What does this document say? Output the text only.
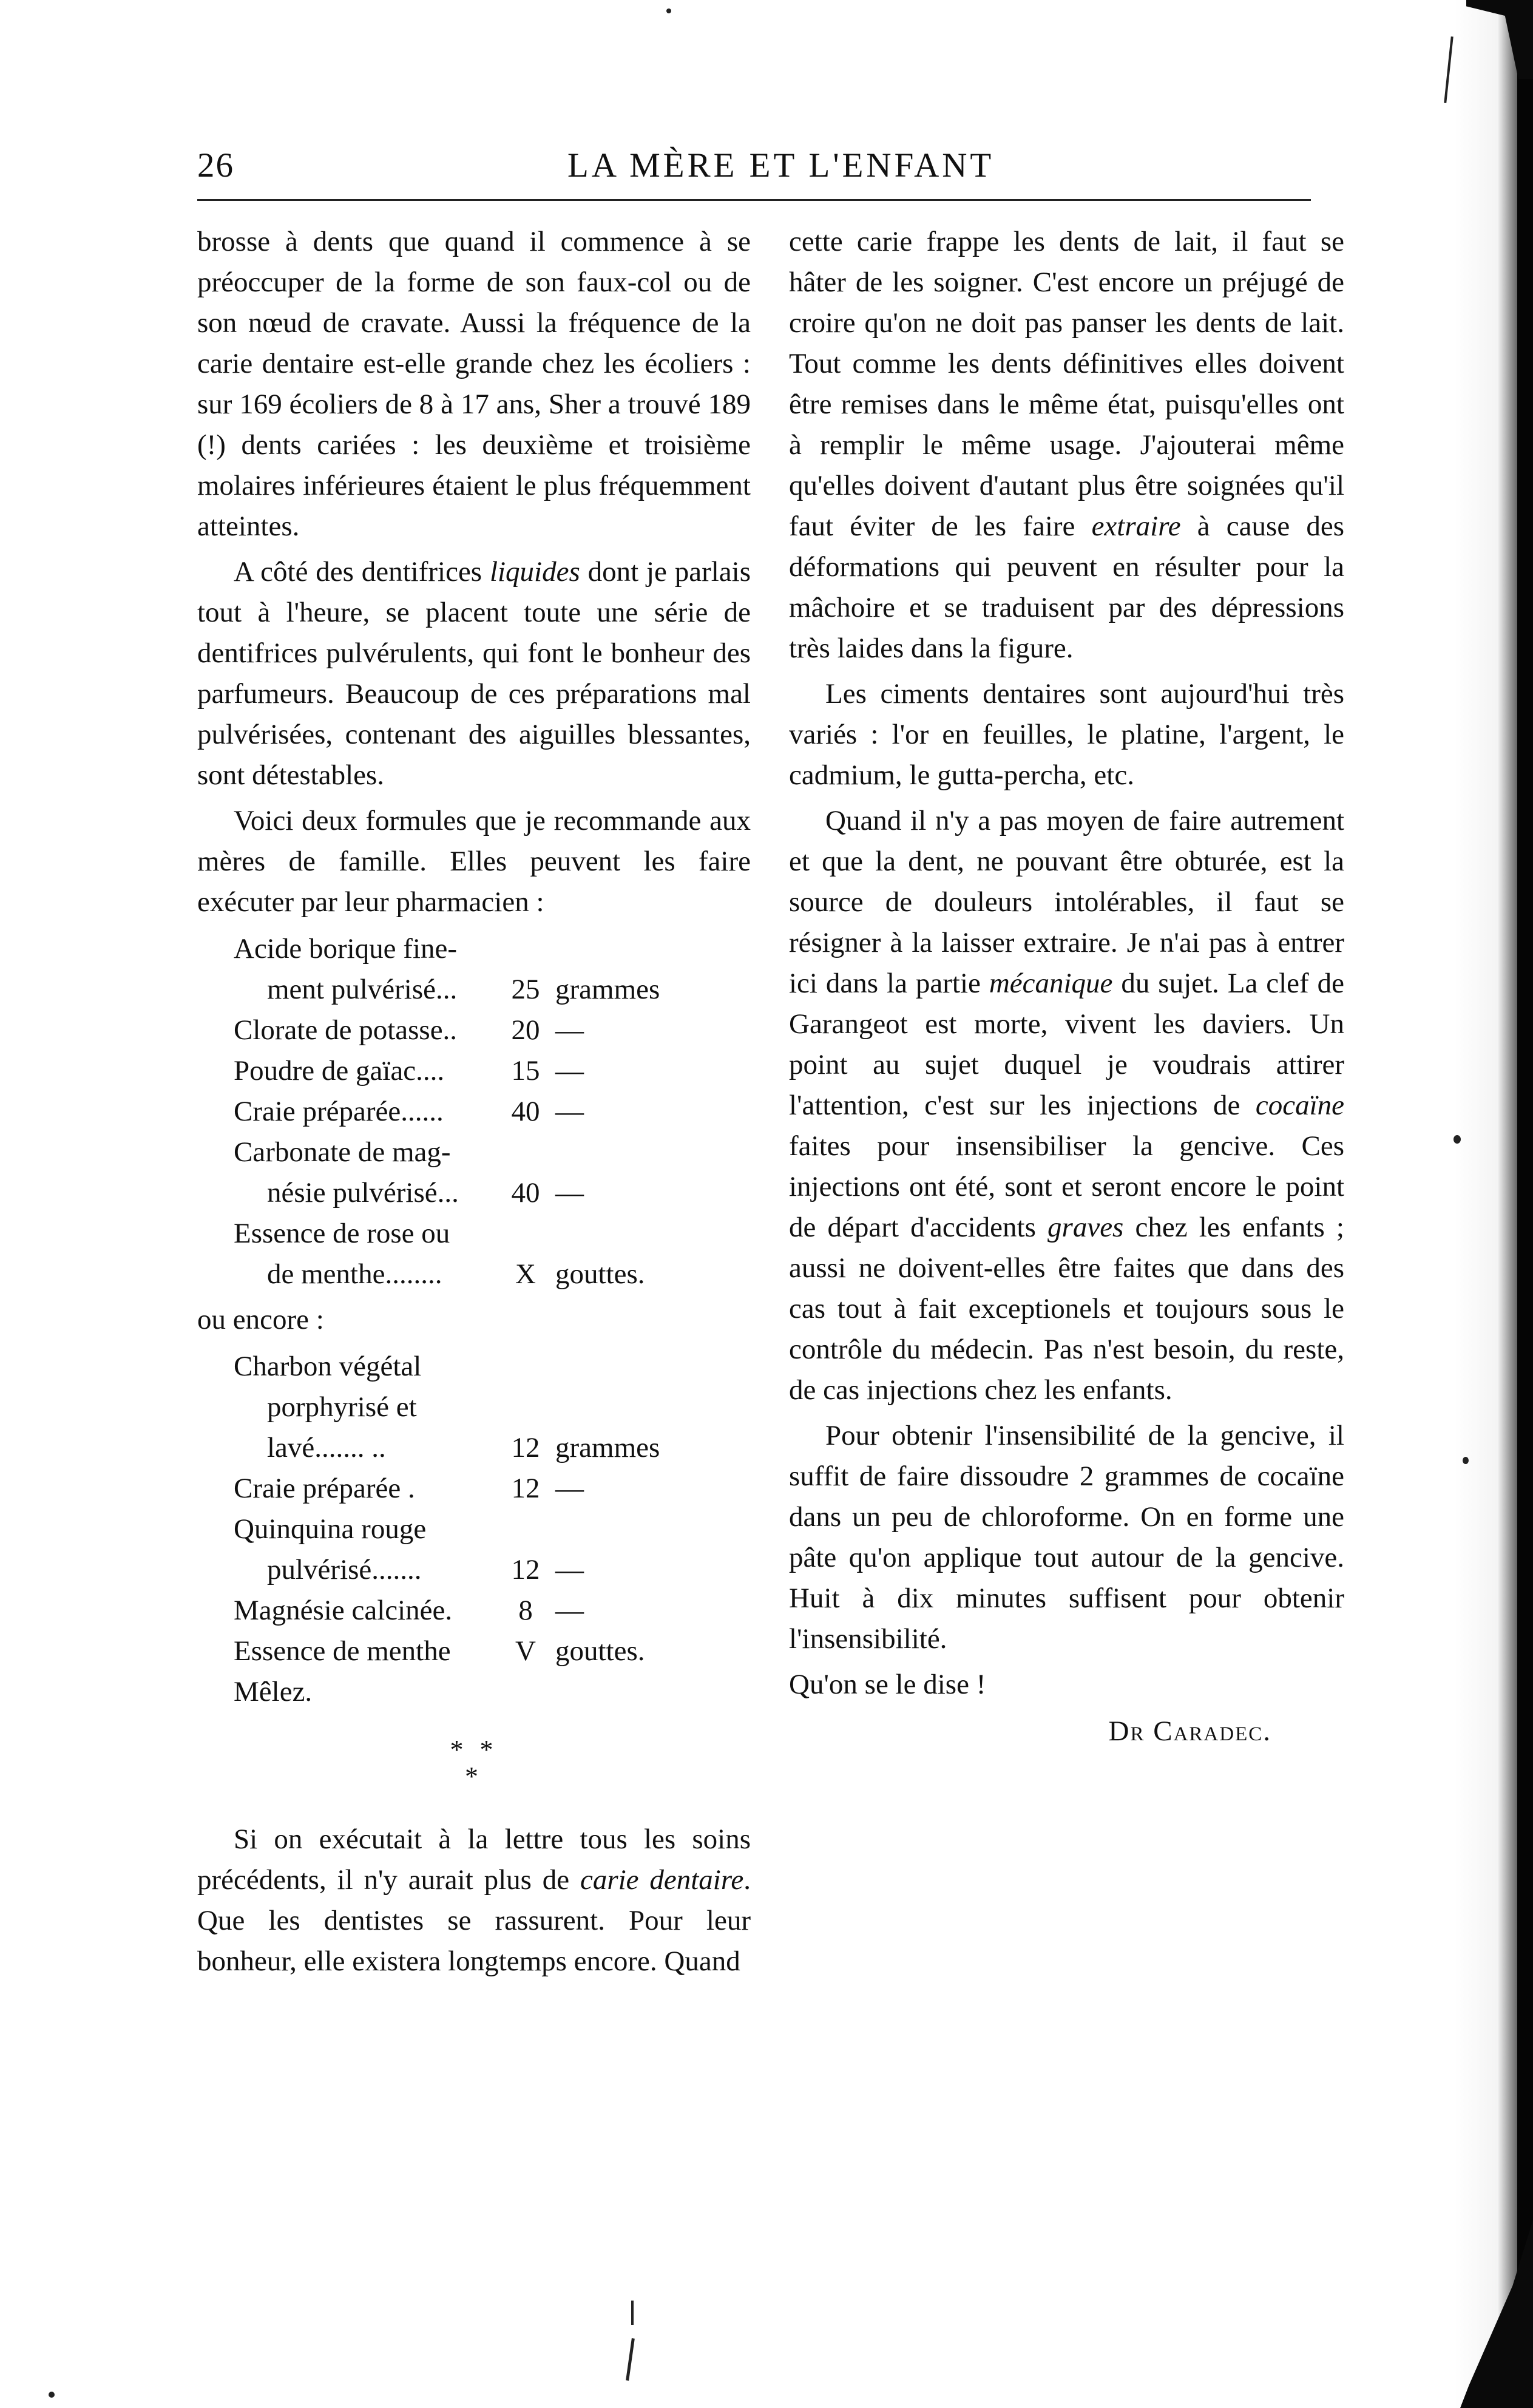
26	LA MÈRE ET L'ENFANT

brosse à dents que quand il commence à se préoccuper de la forme de son faux-col ou de son nœud de cravate. Aussi la fréquence de la carie dentaire est-elle grande chez les écoliers : sur 169 écoliers de 8 à 17 ans, Sher a trouvé 189 (!) dents cariées : les deuxième et troisième molaires inférieures étaient le plus fréquemment atteintes.

A côté des dentifrices liquides dont je parlais tout à l'heure, se placent toute une série de dentifrices pulvérulents, qui font le bonheur des parfumeurs. Beaucoup de ces préparations mal pulvérisées, contenant des aiguilles blessantes, sont détestables.

Voici deux formules que je recommande aux mères de famille. Elles peuvent les faire exécuter par leur pharmacien :

Acide borique fine-
ment pulvérisé...	25 grammes
Clorate de potasse..	20 —
Poudre de gaïac....	15 —
Craie préparée......	40 —
Carbonate de mag-
nésie pulvérisé...	40 —
Essence de rose ou
de menthe........	X gouttes.

ou encore :

Charbon végétal
porphyrisé et
lavé....... ..	12 grammes
Craie préparée .	12 —
Quinquina rouge
pulvérisé.......	12 —
Magnésie calcinée.	8 —
Essence de menthe	V gouttes.
Mêlez.
* *
*

Si on exécutait à la lettre tous les soins précédents, il n'y aurait plus de carie dentaire. Que les dentistes se rassurent. Pour leur bonheur, elle existera longtemps encore. Quand

cette carie frappe les dents de lait, il faut se hâter de les soigner. C'est encore un préjugé de croire qu'on ne doit pas panser les dents de lait. Tout comme les dents définitives elles doivent être remises dans le même état, puisqu'elles ont à remplir le même usage. J'ajouterai même qu'elles doivent d'autant plus être soignées qu'il faut éviter de les faire extraire à cause des déformations qui peuvent en résulter pour la mâchoire et se traduisent par des dépressions très laides dans la figure.

Les ciments dentaires sont aujourd'hui très variés : l'or en feuilles, le platine, l'argent, le cadmium, le gutta-percha, etc.

Quand il n'y a pas moyen de faire autrement et que la dent, ne pouvant être obturée, est la source de douleurs intolérables, il faut se résigner à la laisser extraire. Je n'ai pas à entrer ici dans la partie mécanique du sujet. La clef de Garangeot est morte, vivent les daviers. Un point au sujet duquel je voudrais attirer l'attention, c'est sur les injections de cocaïne faites pour insensibiliser la gencive. Ces injections ont été, sont et seront encore le point de départ d'accidents graves chez les enfants ; aussi ne doivent-elles être faites que dans des cas tout à fait exceptionels et toujours sous le contrôle du médecin. Pas n'est besoin, du reste, de cas injections chez les enfants.

Pour obtenir l'insensibilité de la gencive, il suffit de faire dissoudre 2 grammes de cocaïne dans un peu de chloroforme. On en forme une pâte qu'on applique tout autour de la gencive. Huit à dix minutes suffisent pour obtenir l'insensibilité.

Qu'on se le dise !

Dr Caradec.
